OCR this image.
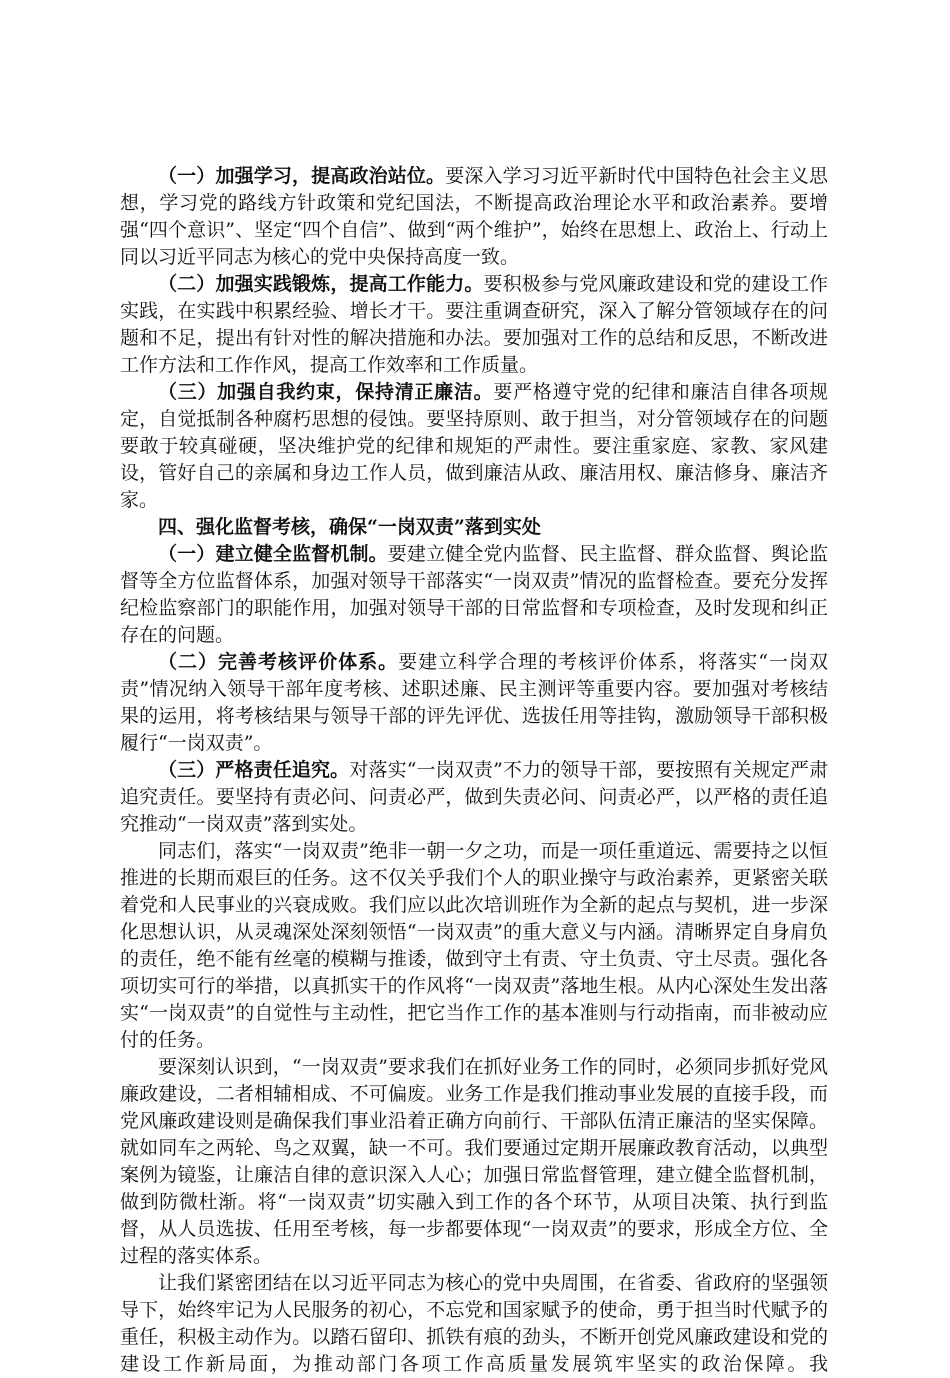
（一）加强学习，提高政治站位。要深入学习习近平新时代中国特色社会主义思想，学习党的路线方针政策和党纪国法，不断提高政治理论水平和政治素养。要增强“四个意识”、坚定“四个自信”、做到“两个维护”，始终在思想上、政治上、行动上同以习近平同志为核心的党中央保持高度一致。

（二）加强实践锻炼，提高工作能力。要积极参与党风廉政建设和党的建设工作实践，在实践中积累经验、增长才干。要注重调查研究，深入了解分管领域存在的问题和不足，提出有针对性的解决措施和办法。要加强对工作的总结和反思，不断改进工作方法和工作作风，提高工作效率和工作质量。

（三）加强自我约束，保持清正廉洁。要严格遵守党的纪律和廉洁自律各项规定，自觉抵制各种腐朽思想的侵蚀。要坚持原则、敢于担当，对分管领域存在的问题要敢于较真碰硬，坚决维护党的纪律和规矩的严肃性。要注重家庭、家教、家风建设，管好自己的亲属和身边工作人员，做到廉洁从政、廉洁用权、廉洁修身、廉洁齐家。

四、强化监督考核，确保“一岗双责”落到实处

（一）建立健全监督机制。要建立健全党内监督、民主监督、群众监督、舆论监督等全方位监督体系，加强对领导干部落实“一岗双责”情况的监督检查。要充分发挥纪检监察部门的职能作用，加强对领导干部的日常监督和专项检查，及时发现和纠正存在的问题。

（二）完善考核评价体系。要建立科学合理的考核评价体系，将落实“一岗双责”情况纳入领导干部年度考核、述职述廉、民主测评等重要内容。要加强对考核结果的运用，将考核结果与领导干部的评先评优、选拔任用等挂钩，激励领导干部积极履行“一岗双责”。

（三）严格责任追究。对落实“一岗双责”不力的领导干部，要按照有关规定严肃追究责任。要坚持有责必问、问责必严，做到失责必问、问责必严，以严格的责任追究推动“一岗双责”落到实处。

同志们，落实“一岗双责”绝非一朝一夕之功，而是一项任重道远、需要持之以恒推进的长期而艰巨的任务。这不仅关乎我们个人的职业操守与政治素养，更紧密关联着党和人民事业的兴衰成败。我们应以此次培训班作为全新的起点与契机，进一步深化思想认识，从灵魂深处深刻领悟“一岗双责”的重大意义与内涵。清晰界定自身肩负的责任，绝不能有丝毫的模糊与推诿，做到守土有责、守土负责、守土尽责。强化各项切实可行的举措，以真抓实干的作风将“一岗双责”落地生根。从内心深处生发出落实“一岗双责”的自觉性与主动性，把它当作工作的基本准则与行动指南，而非被动应付的任务。

要深刻认识到，“一岗双责”要求我们在抓好业务工作的同时，必须同步抓好党风廉政建设，二者相辅相成、不可偏废。业务工作是我们推动事业发展的直接手段，而党风廉政建设则是确保我们事业沿着正确方向前行、干部队伍清正廉洁的坚实保障。就如同车之两轮、鸟之双翼，缺一不可。我们要通过定期开展廉政教育活动，以典型案例为镜鉴，让廉洁自律的意识深入人心；加强日常监督管理，建立健全监督机制，做到防微杜渐。将“一岗双责”切实融入到工作的各个环节，从项目决策、执行到监督，从人员选拔、任用至考核，每一步都要体现“一岗双责”的要求，形成全方位、全过程的落实体系。

让我们紧密团结在以习近平同志为核心的党中央周围，在省委、省政府的坚强领导下，始终牢记为人民服务的初心，不忘党和国家赋予的使命，勇于担当时代赋予的重任，积极主动作为。以踏石留印、抓铁有痕的劲头，不断开创党风廉政建设和党的建设工作新局面，为推动部门各项工作高质量发展筑牢坚实的政治保障。我
